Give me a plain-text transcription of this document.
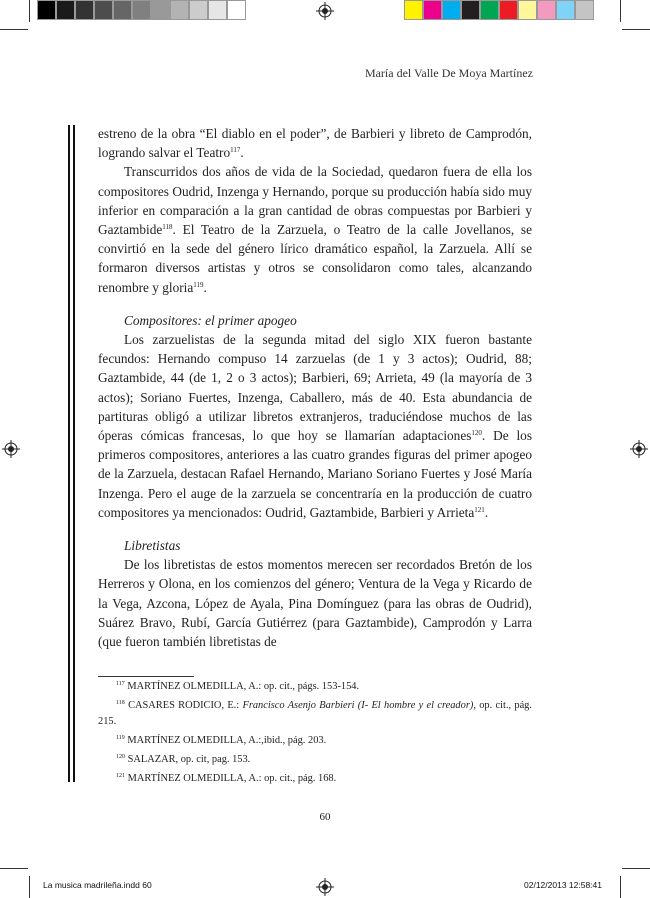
María del Valle De Moya Martínez

estreno de la obra “El diablo en el poder”, de Barbieri y libreto de Camprodón, logrando salvar el Teatro$^{117}$.

Transcurridos dos años de vida de la Sociedad, quedaron fuera de ella los compositores Oudrid, Inzenga y Hernando, porque su producción había sido muy inferior en comparación a la gran cantidad de obras compuestas por Barbieri y Gaztambide$^{118}$. El Teatro de la Zarzuela, o Teatro de la calle Jovellanos, se convirtió en la sede del género lírico dramático español, la Zarzuela. Allí se formaron diversos artistas y otros se consolidaron como tales, alcanzando renombre y gloria$^{119}$.

Compositores: el primer apogeo

Los zarzuelistas de la segunda mitad del siglo XIX fueron bastante fecundos: Hernando compuso 14 zarzuelas (de 1 y 3 actos); Oudrid, 88; Gaztambide, 44 (de 1, 2 o 3 actos); Barbieri, 69; Arrieta, 49 (la mayoría de 3 actos); Soriano Fuertes, Inzenga, Caballero, más de 40. Esta abundancia de partituras obligó a utilizar libretos extranjeros, traduciéndose muchos de las óperas cómicas francesas, lo que hoy se llamarían adaptaciones$^{120}$. De los primeros compositores, anteriores a las cuatro grandes figuras del primer apogeo de la Zarzuela, destacan Rafael Hernando, Mariano Soriano Fuertes y José María Inzenga. Pero el auge de la zarzuela se concentraría en la producción de cuatro compositores ya mencionados: Oudrid, Gaztambide, Barbieri y Arrieta$^{121}$.

Libretistas

De los libretistas de estos momentos merecen ser recordados Bretón de los Herreros y Olona, en los comienzos del género; Ventura de la Vega y Ricardo de la Vega, Azcona, López de Ayala, Pina Domínguez (para las obras de Oudrid), Suárez Bravo, Rubí, García Gutiérrez (para Gaztambide), Camprodón y Larra (que fueron también libretistas de

$^{117}$ MARTÍNEZ OLMEDILLA, A.: op. cit., págs. 153-154.

$^{118}$ CASARES RODICIO, E.: Francisco Asenjo Barbieri (I- El hombre y el creador), op. cit., pág. 215.

$^{119}$ MARTÍNEZ OLMEDILLA, A.:,ibid., pág. 203.

$^{120}$ SALAZAR, op. cit, pag. 153.

$^{121}$ MARTÍNEZ OLMEDILLA, A.: op. cit., pág. 168.

60
La musica madrileña.indd 60	02/12/2013 12:58:41
